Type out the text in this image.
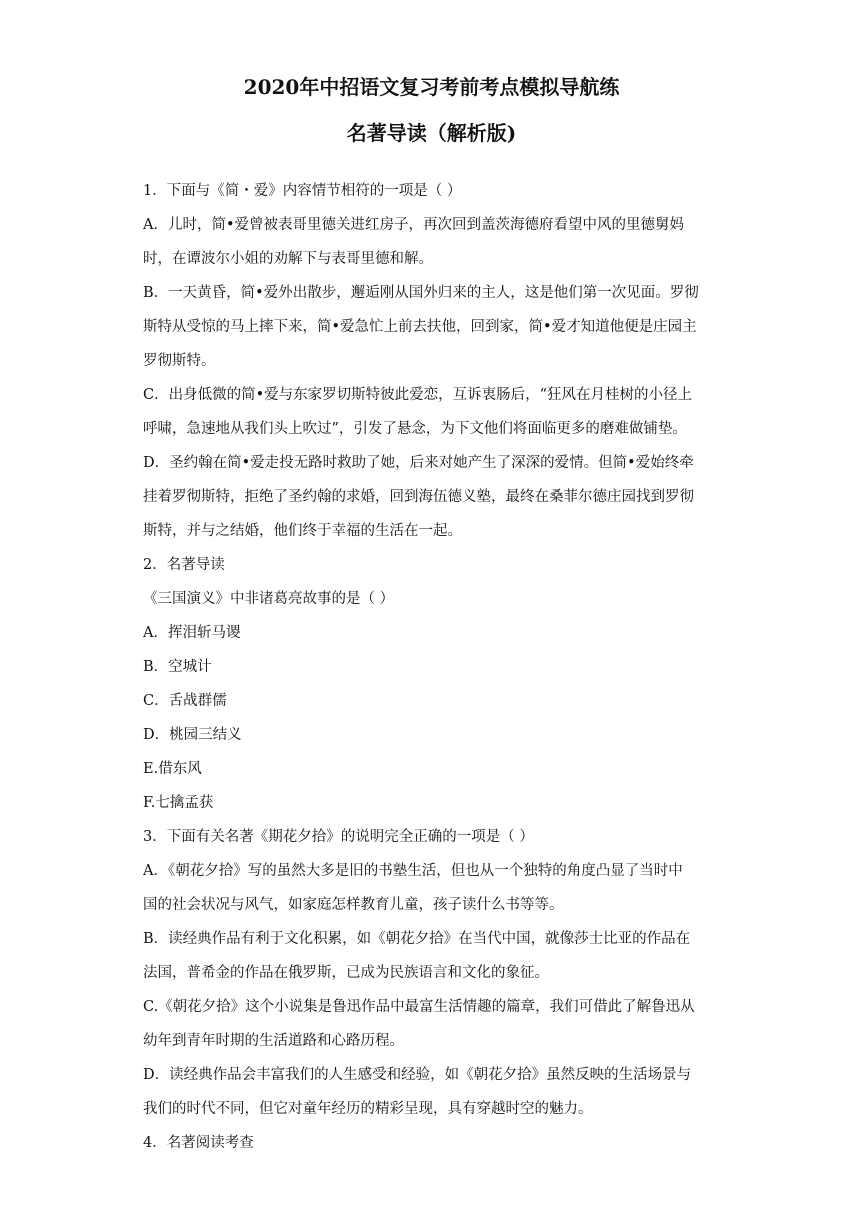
2020年中招语文复习考前考点模拟导航练
名著导读（解析版)
1．下面与《简・爱》内容情节相符的一项是（ ）
A．儿时，简•爱曾被表哥里德关进红房子，再次回到盖茨海德府看望中风的里德舅妈
时，在谭波尔小姐的劝解下与表哥里德和解。
B．一天黄昏，简•爱外出散步，邂逅刚从国外归来的主人，这是他们第一次见面。罗彻
斯特从受惊的马上摔下来，简•爱急忙上前去扶他，回到家，简•爱才知道他便是庄园主
罗彻斯特。
C．出身低微的简•爱与东家罗切斯特彼此爱恋，互诉衷肠后，“狂风在月桂树的小径上
呼啸，急速地从我们头上吹过”，引发了悬念，为下文他们将面临更多的磨难做铺垫。
D．圣约翰在简•爱走投无路时救助了她，后来对她产生了深深的爱情。但简•爱始终牵
挂着罗彻斯特，拒绝了圣约翰的求婚，回到海伍德义塾，最终在桑菲尔德庄园找到罗彻
斯特，并与之结婚，他们终于幸福的生活在一起。
2．名著导读
《三国演义》中非诸葛亮故事的是（ ）
A．挥泪斩马谡
B．空城计
C．舌战群儒
D．桃园三结义
E.借东风
F.七擒孟获
3．下面有关名著《期花夕拾》的说明完全正确的一项是（ ）
A．《朝花夕拾》写的虽然大多是旧的书塾生活，但也从一个独特的角度凸显了当时中
国的社会状况与风气，如家庭怎样教育儿童，孩子读什么书等等。
B．读经典作品有利于文化积累，如《朝花夕拾》在当代中国，就像莎士比亚的作品在
法国，普希金的作品在俄罗斯，已成为民族语言和文化的象征。
C.《朝花夕拾》这个小说集是鲁迅作品中最富生活情趣的篇章，我们可借此了解鲁迅从
幼年到青年时期的生活道路和心路历程。
D．读经典作品会丰富我们的人生感受和经验，如《朝花夕拾》虽然反映的生活场景与
我们的时代不同，但它对童年经历的精彩呈现，具有穿越时空的魅力。
4．名著阅读考查
